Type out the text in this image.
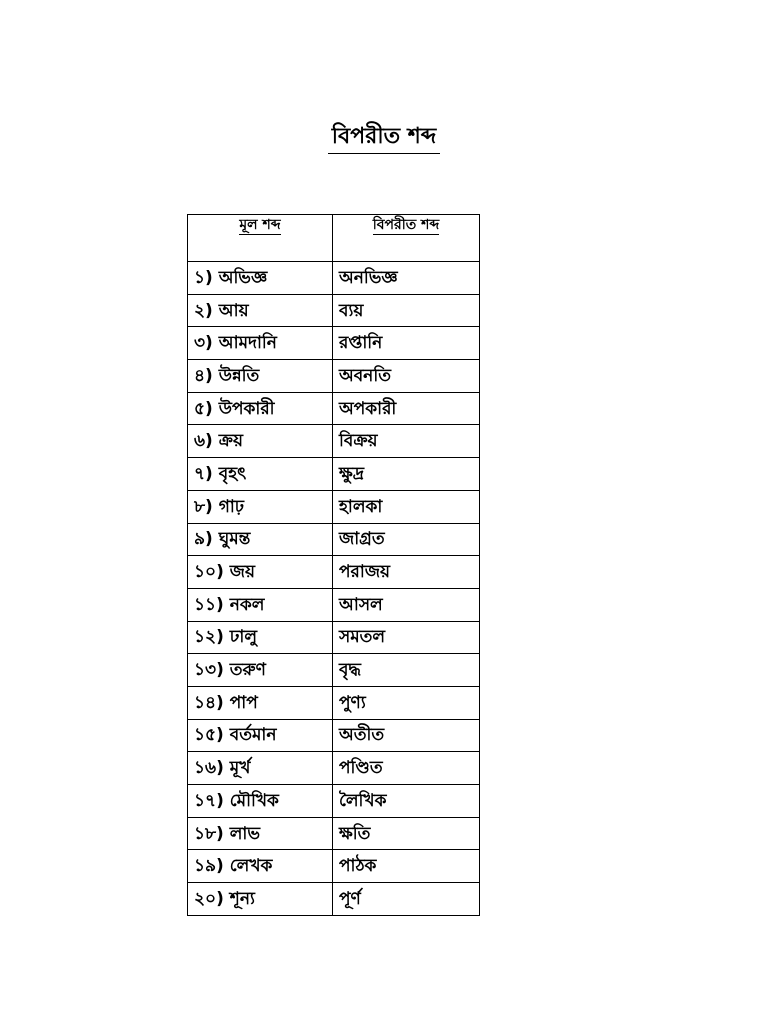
বিপরীত শব্দ
মূল শব্দ	বিপরীত শব্দ
১) অভিজ্ঞ	অনভিজ্ঞ
২) আয়	ব্যয়
৩) আমদানি	রপ্তানি
৪) উন্নতি	অবনতি
৫) উপকারী	অপকারী
৬) ক্রয়	বিক্রয়
৭) বৃহৎ	ক্ষুদ্র
৮) গাঢ়	হালকা
৯) ঘুমন্ত	জাগ্রত
১০) জয়	পরাজয়
১১) নকল	আসল
১২) ঢালু	সমতল
১৩) তরুণ	বৃদ্ধ
১৪) পাপ	পুণ্য
১৫) বর্তমান	অতীত
১৬) মূর্খ	পণ্ডিত
১৭) মৌখিক	লৈখিক
১৮) লাভ	ক্ষতি
১৯) লেখক	পাঠক
২০) শূন্য	পূর্ণ
